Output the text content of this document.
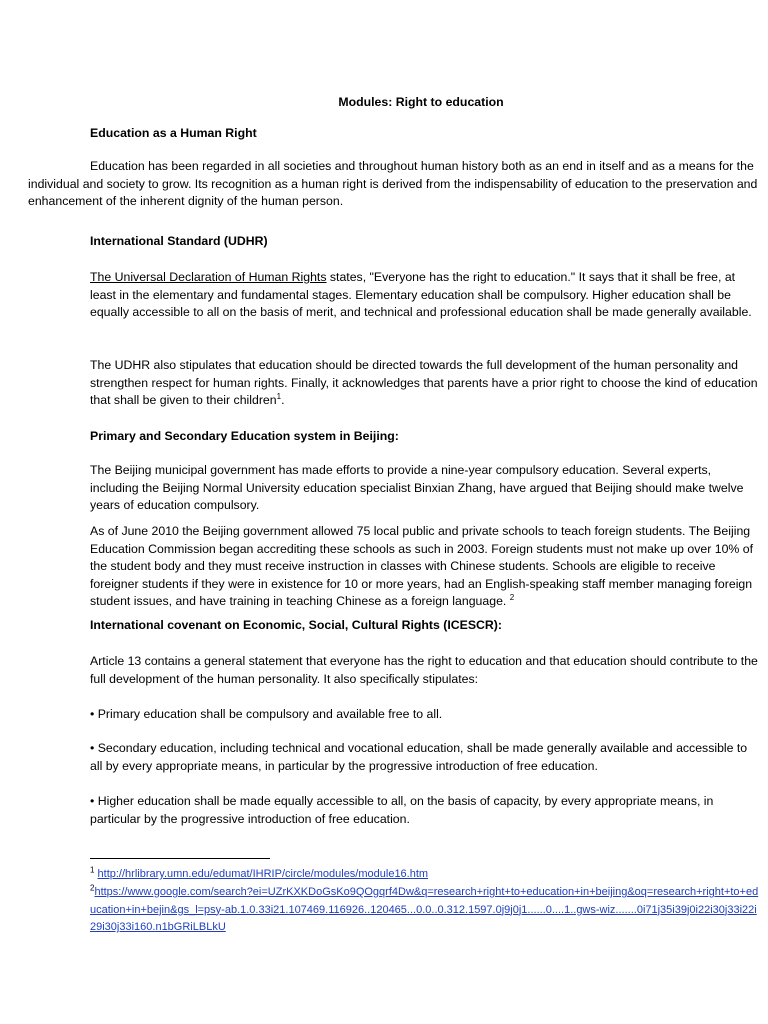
Modules: Right to education

Education as a Human Right

Education has been regarded in all societies and throughout human history both as an end in itself and as a means for the individual and society to grow. Its recognition as a human right is derived from the indispensability of education to the preservation and enhancement of the inherent dignity of the human person.

International Standard (UDHR)

The Universal Declaration of Human Rights states, "Everyone has the right to education." It says that it shall be free, at least in the elementary and fundamental stages. Elementary education shall be compulsory. Higher education shall be equally accessible to all on the basis of merit, and technical and professional education shall be made generally available.

The UDHR also stipulates that education should be directed towards the full development of the human personality and strengthen respect for human rights. Finally, it acknowledges that parents have a prior right to choose the kind of education that shall be given to their children$^1$.

Primary and Secondary Education system in Beijing:

The Beijing municipal government has made efforts to provide a nine-year compulsory education. Several experts, including the Beijing Normal University education specialist Binxian Zhang, have argued that Beijing should make twelve years of education compulsory.

As of June 2010 the Beijing government allowed 75 local public and private schools to teach foreign students. The Beijing Education Commission began accrediting these schools as such in 2003. Foreign students must not make up over 10% of the student body and they must receive instruction in classes with Chinese students. Schools are eligible to receive foreigner students if they were in existence for 10 or more years, had an English-speaking staff member managing foreign student issues, and have training in teaching Chinese as a foreign language. $^2$

International covenant on Economic, Social, Cultural Rights (ICESCR):

Article 13 contains a general statement that everyone has the right to education and that education should contribute to the full development of the human personality. It also specifically stipulates:

• Primary education shall be compulsory and available free to all.

• Secondary education, including technical and vocational education, shall be made generally available and accessible to all by every appropriate means, in particular by the progressive introduction of free education.

• Higher education shall be made equally accessible to all, on the basis of capacity, by every appropriate means, in particular by the progressive introduction of free education.

$^1$ http://hrlibrary.umn.edu/edumat/IHRIP/circle/modules/module16.htm
$^2$https://www.google.com/search?ei=UZrKXKDoGsKo9QOgqrf4Dw&q=research+right+to+education+in+beijing&oq=research+right+to+education+in+bejin&gs_l=psy-ab.1.0.33i21.107469.116926..120465...0.0..0.312.1597.0j9j0j1......0....1..gws-wiz.......0i71j35i39j0i22i30j33i22i29i30j33i160.n1bGRiLBLkU
